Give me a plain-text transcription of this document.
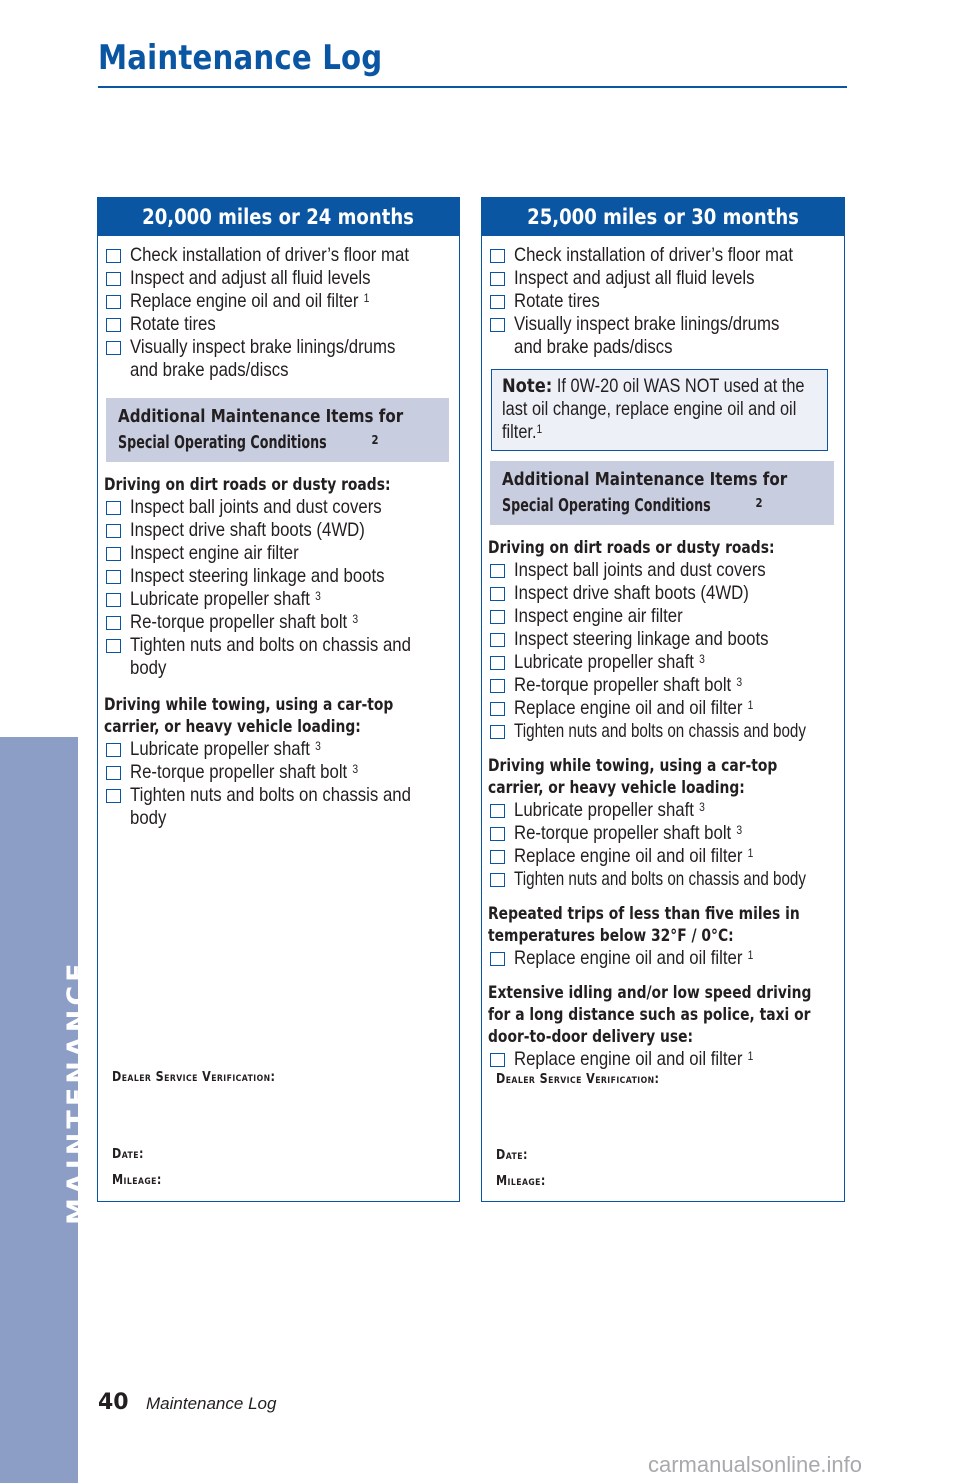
Maintenance Log
MAINTENANCE
20,000 miles or 24 months
Check installation of driver’s floor mat
Inspect and adjust all fluid levels
Replace engine oil and oil filter $^1$
Rotate tires
Visually inspect brake linings/drums and brake pads/discs
Additional Maintenance Items for
Special Operating Conditions	$^2$
Driving on dirt roads or dusty roads:
Inspect ball joints and dust covers
Inspect drive shaft boots (4WD)
Inspect engine air filter
Inspect steering linkage and boots
Lubricate propeller shaft $^3$
Re-torque propeller shaft bolt $^3$
Tighten nuts and bolts on chassis and body
Driving while towing, using a car-top
carrier, or heavy vehicle loading:
Lubricate propeller shaft $^3$
Re-torque propeller shaft bolt $^3$
Tighten nuts and bolts on chassis and body
Dealer Service Verification:
Date:
Mileage:
25,000 miles or 30 months
Check installation of driver’s floor mat
Inspect and adjust all fluid levels
Rotate tires
Visually inspect brake linings/drums and brake pads/discs
Note: If 0W-20 oil WAS NOT used at the last oil change, replace engine oil and oil filter.$^1$
Additional Maintenance Items for
Special Operating Conditions	$^2$
Driving on dirt roads or dusty roads:
Inspect ball joints and dust covers
Inspect drive shaft boots (4WD)
Inspect engine air filter
Inspect steering linkage and boots
Lubricate propeller shaft $^3$
Re-torque propeller shaft bolt $^3$
Replace engine oil and oil filter $^1$
Tighten nuts and bolts on chassis and body
Driving while towing, using a car-top
carrier, or heavy vehicle loading:
Lubricate propeller shaft $^3$
Re-torque propeller shaft bolt $^3$
Replace engine oil and oil filter $^1$
Tighten nuts and bolts on chassis and body
Repeated trips of less than five miles in
temperatures below 32°F / 0°C:
Replace engine oil and oil filter $^1$
Extensive idling and/or low speed driving
for a long distance such as police, taxi or
door-to-door delivery use:
Replace engine oil and oil filter $^1$
Dealer Service Verification:
Date:
Mileage:
40 Maintenance Log
carmanualsonline.info
